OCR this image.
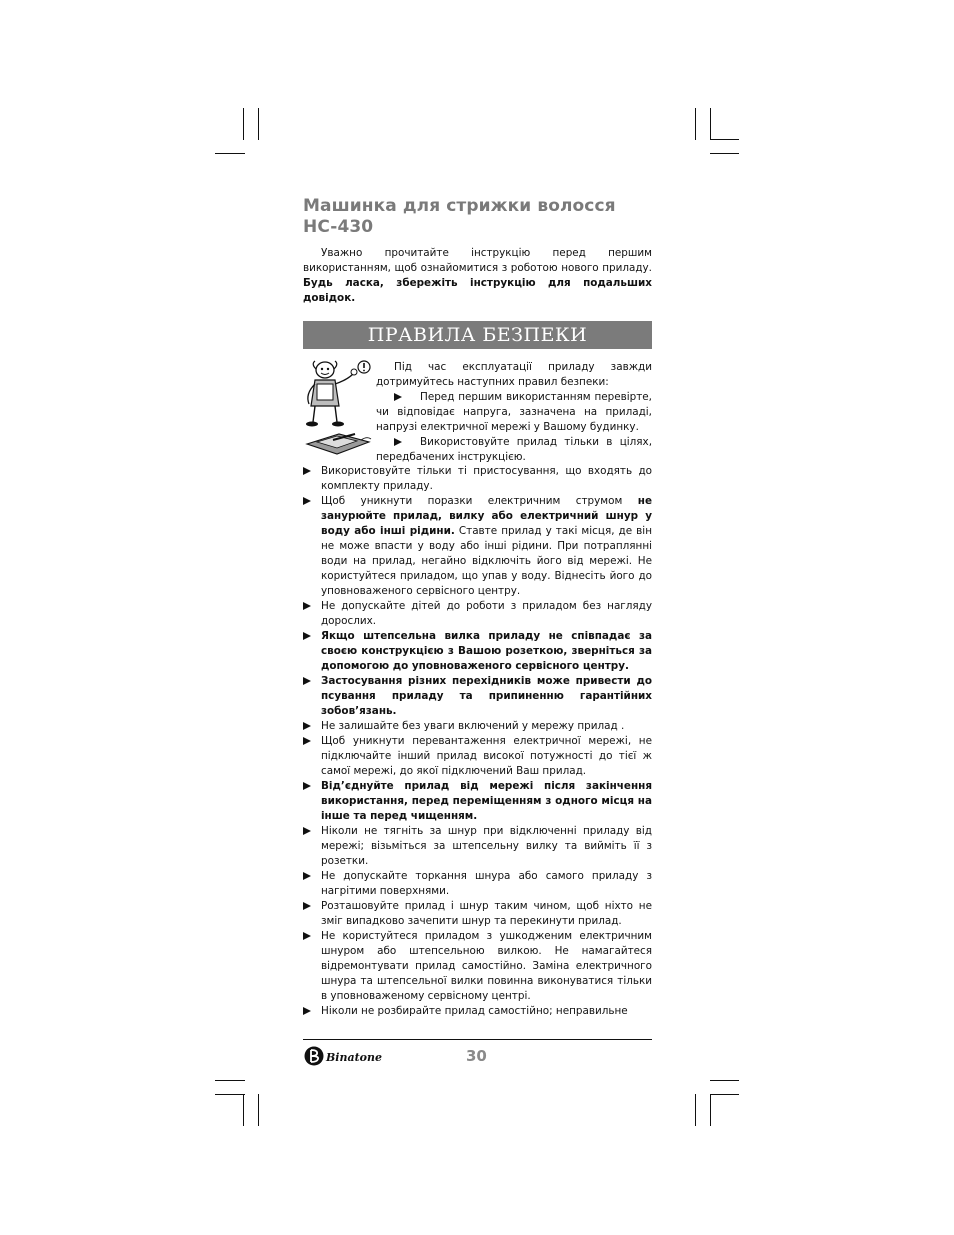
Машинка для стрижки волосся
HC-430

Уважно прочитайте інструкцію перед першим використанням, щоб ознайомитися з роботою нового приладу. Будь ласка, збережіть інструкцію для подальших довідок.

ПРАВИЛА БЕЗПЕКИ

Під час експлуатації приладу завжди дотримуйтесь наступних правил безпеки:

Перед першим використанням перевірте, чи відповідає напруга, зазначена на приладі, напрузі електричної мережі у Вашому будинку.

Використовуйте прилад тільки в цілях, передбачених інструкцією.

Використовуйте тільки ті пристосування, що входять до комплекту приладу.

Щоб уникнути поразки електричним струмом не занурюйте прилад, вилку або електричний шнур у воду або інші рідини. Ставте прилад у такі місця, де він не може впасти у воду або інші рідини. При потраплянні води на прилад, негайно відключіть його від мережі. Не користуйтеся приладом, що упав у воду. Віднесіть його до уповноваженого сервісного центру.

Не допускайте дітей до роботи з приладом без нагляду дорослих.

Якщо штепсельна вилка приладу не співпадає за своєю конструкцією з Вашою розеткою, зверніться за допомогою до уповноваженого сервісного центру.

Застосування різних перехідників може привести до псування приладу та припиненню гарантійних зобов’язань.

Не залишайте без уваги включений у мережу прилад .

Щоб уникнути перевантаження електричної мережі, не підключайте інший прилад високої потужності до тієї ж самої мережі, до якої підключений Ваш прилад.

Від’єднуйте прилад від мережі після закінчення використання, перед переміщенням з одного місця на інше та перед чищенням.

Ніколи не тягніть за шнур при відключенні приладу від мережі; візьміться за штепсельну вилку та вийміть її з розетки.

Не допускайте торкання шнура або самого приладу з нагрітими поверхнями.

Розташовуйте прилад і шнур таким чином, щоб ніхто не зміг випадково зачепити шнур та перекинути прилад.

Не користуйтеся приладом з ушкодженим електричним шнуром або штепсельною вилкою. Не намагайтеся відремонтувати прилад самостійно. Заміна електричного шнура та штепсельної вилки повинна виконуватися тільки в уповноваженому сервісному центрі.

Ніколи не розбирайте прилад самостійно; неправильне

Binatone	30
